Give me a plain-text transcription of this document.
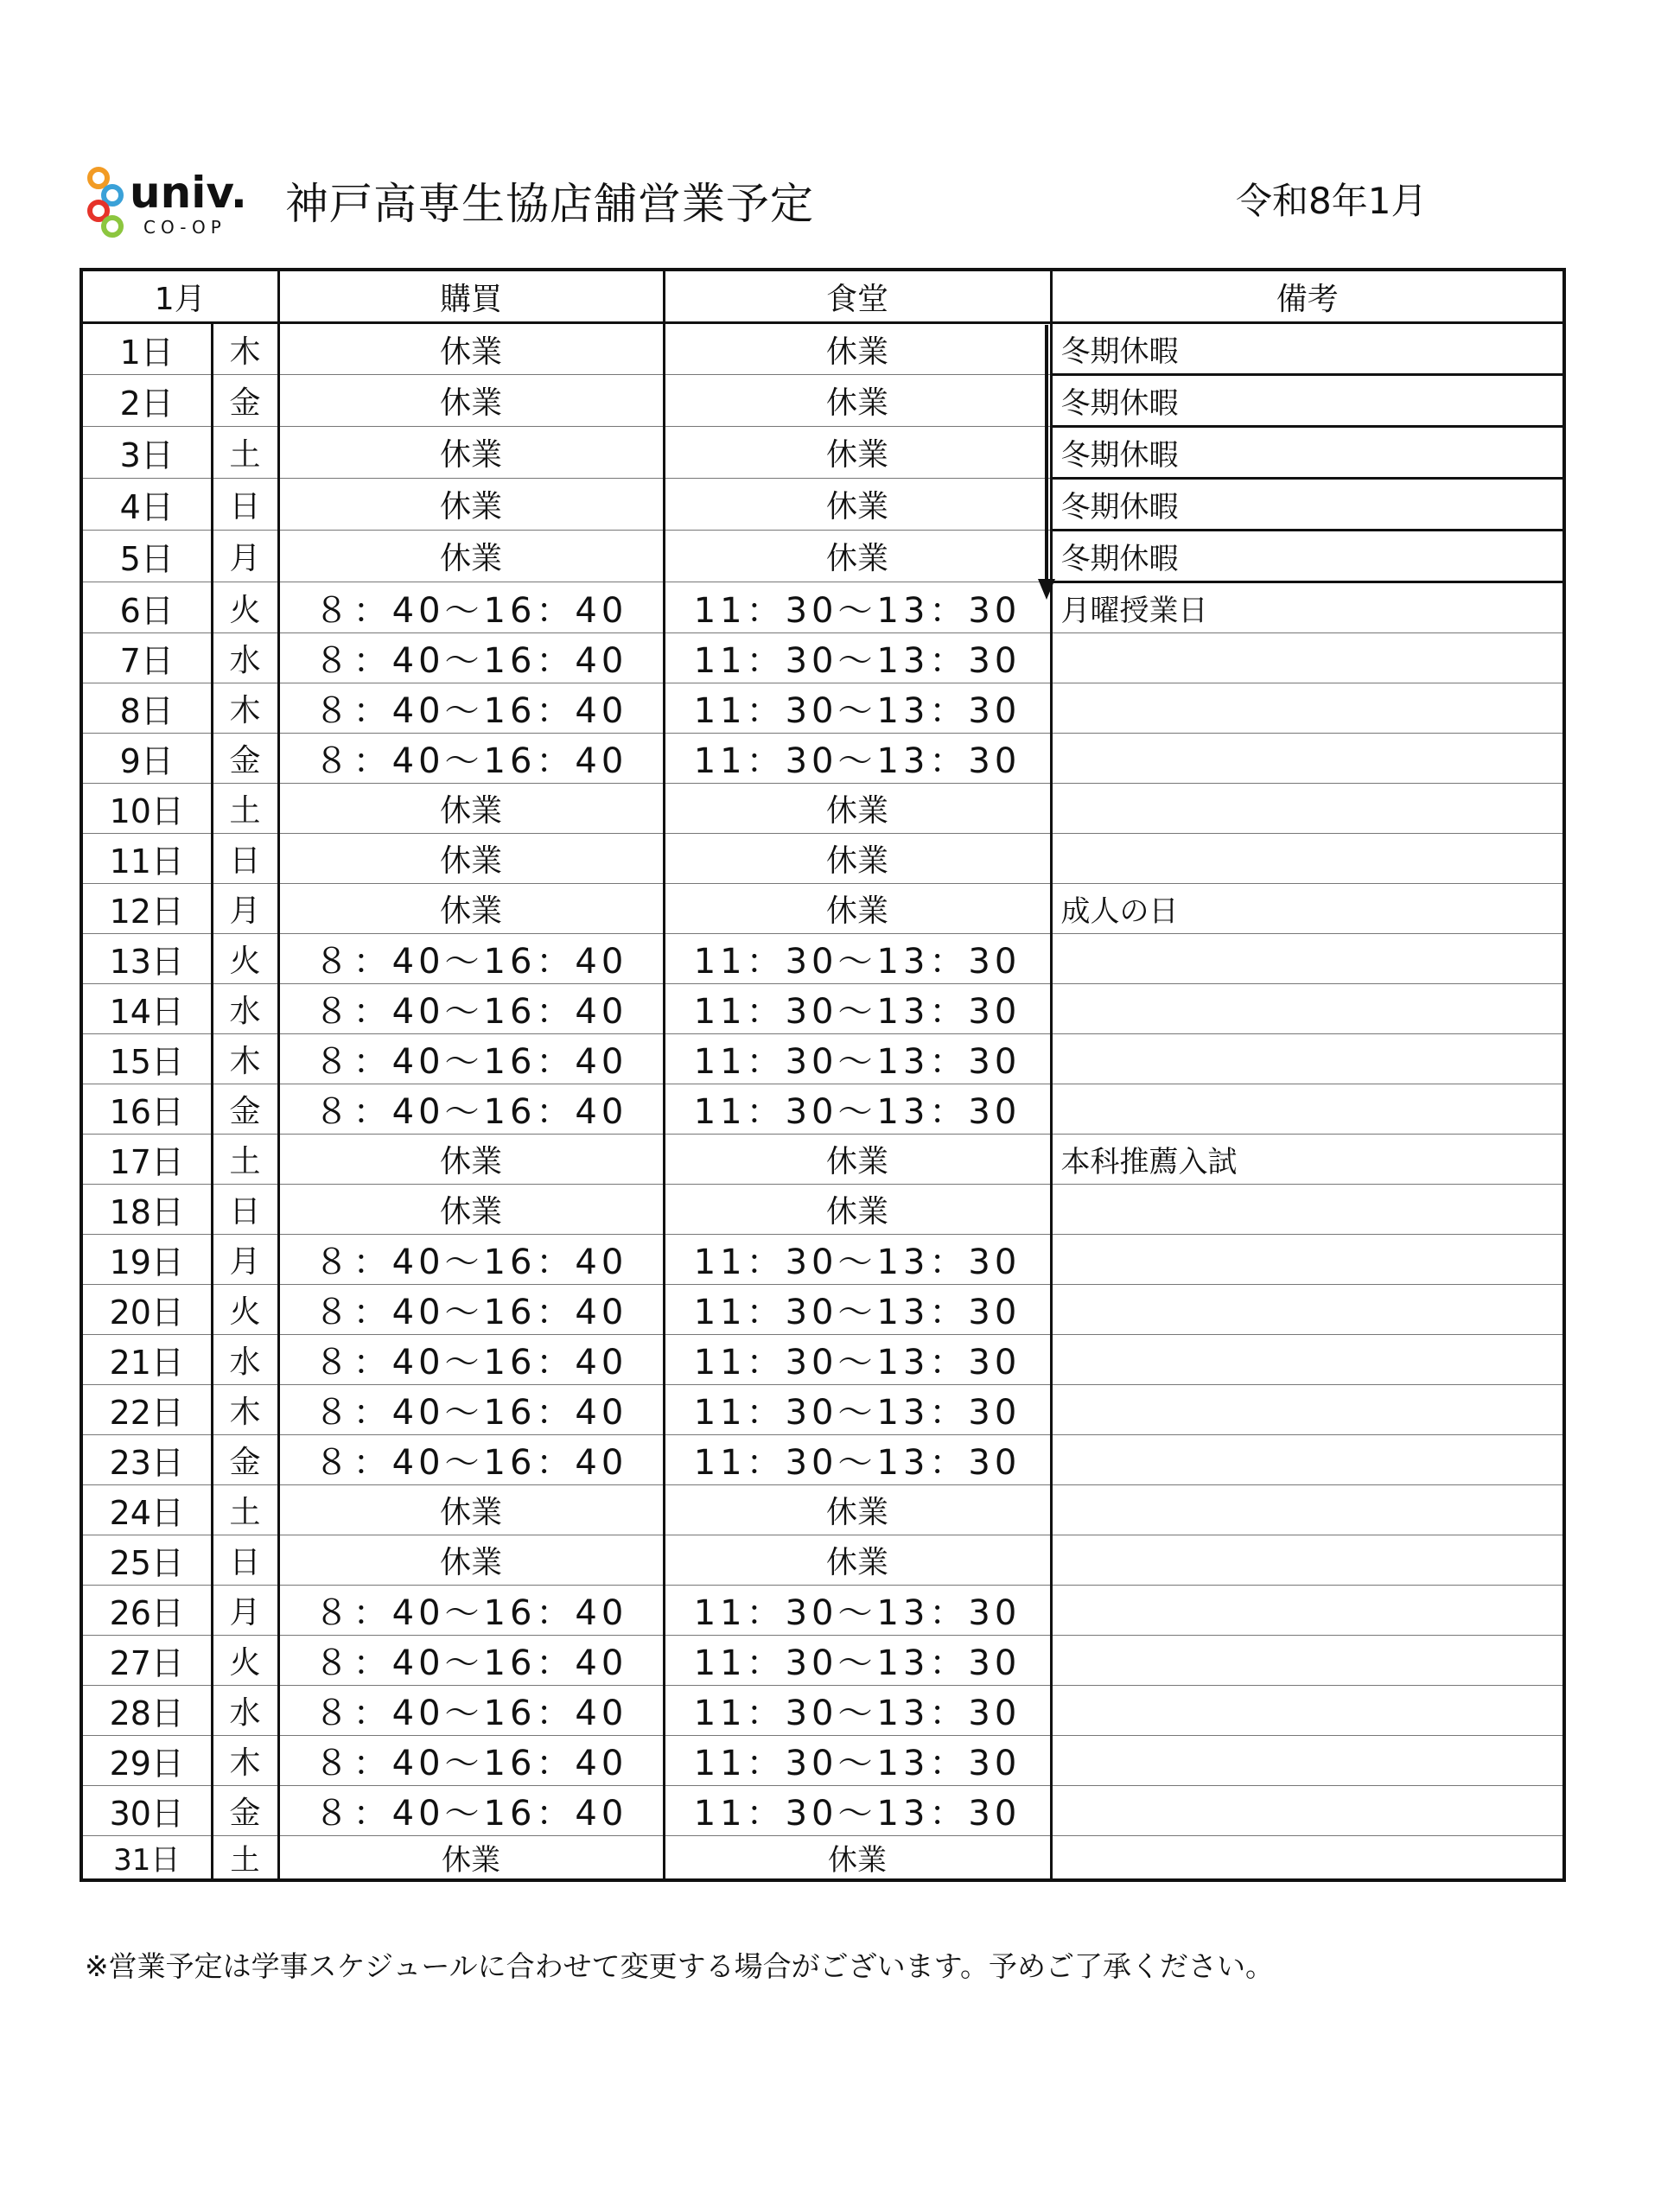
univ.
CO-OP 神戸高専生協店舗営業予定	令和8年1月
1月		購買	食堂	備考
1日	木	休業	休業	冬期休暇
2日	金	休業	休業	冬期休暇
3日	土	休業	休業	冬期休暇
4日	日	休業	休業	冬期休暇
5日	月	休業	休業	冬期休暇
6日	火	８：40～16：40	11：30～13：30	月曜授業日
7日	水	８：40～16：40	11：30～13：30	
8日	木	８：40～16：40	11：30～13：30	
9日	金	８：40～16：40	11：30～13：30	
10日	土	休業	休業	
11日	日	休業	休業	
12日	月	休業	休業	成人の日
13日	火	８：40～16：40	11：30～13：30	
14日	水	８：40～16：40	11：30～13：30	
15日	木	８：40～16：40	11：30～13：30	
16日	金	８：40～16：40	11：30～13：30	
17日	土	休業	休業	本科推薦入試
18日	日	休業	休業	
19日	月	８：40～16：40	11：30～13：30	
20日	火	８：40～16：40	11：30～13：30	
21日	水	８：40～16：40	11：30～13：30	
22日	木	８：40～16：40	11：30～13：30	
23日	金	８：40～16：40	11：30～13：30	
24日	土	休業	休業	
25日	日	休業	休業	
26日	月	８：40～16：40	11：30～13：30	
27日	火	８：40～16：40	11：30～13：30	
28日	水	８：40～16：40	11：30～13：30	
29日	木	８：40～16：40	11：30～13：30	
30日	金	８：40～16：40	11：30～13：30	
31日	土	休業	休業	
※営業予定は学事スケジュールに合わせて変更する場合がございます。予めご了承ください。
